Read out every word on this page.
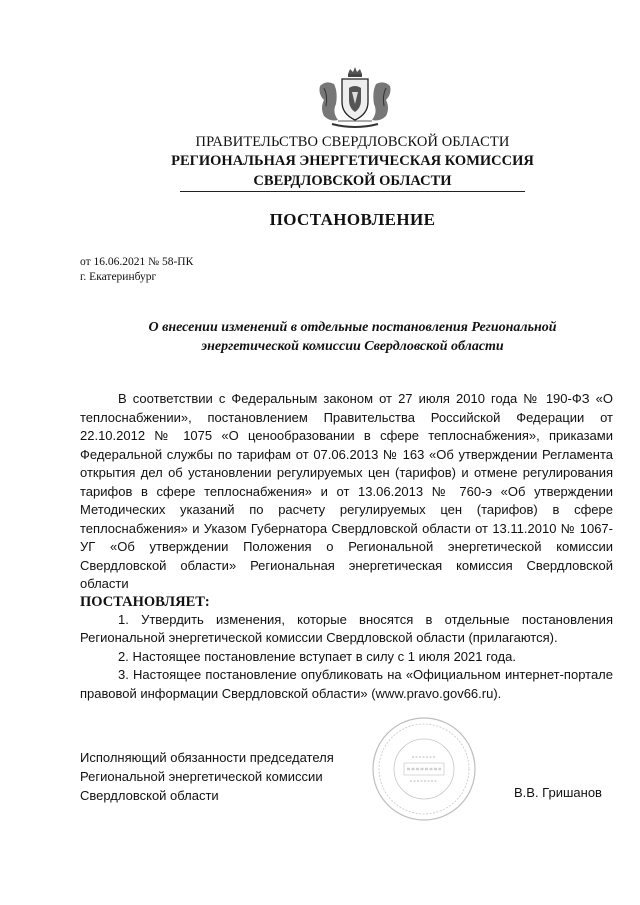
ПРАВИТЕЛЬСТВО СВЕРДЛОВСКОЙ ОБЛАСТИ
РЕГИОНАЛЬНАЯ ЭНЕРГЕТИЧЕСКАЯ КОМИССИЯ
СВЕРДЛОВСКОЙ ОБЛАСТИ
ПОСТАНОВЛЕНИЕ
от 16.06.2021 № 58-ПК
г. Екатеринбург
О внесении изменений в отдельные постановления Региональной энергетической комиссии Свердловской области

В соответствии с Федеральным законом от 27 июля 2010 года № 190-ФЗ «О теплоснабжении», постановлением Правительства Российской Федерации от 22.10.2012 № 1075 «О ценообразовании в сфере теплоснабжения», приказами Федеральной службы по тарифам от 07.06.2013 № 163 «Об утверждении Регламента открытия дел об установлении регулируемых цен (тарифов) и отмене регулирования тарифов в сфере теплоснабжения» и от 13.06.2013 № 760-э «Об утверждении Методических указаний по расчету регулируемых цен (тарифов) в сфере теплоснабжения» и Указом Губернатора Свердловской области от 13.11.2010 № 1067-УГ «Об утверждении Положения о Региональной энергетической комиссии Свердловской области» Региональная энергетическая комиссия Свердловской области

ПОСТАНОВЛЯЕТ:

1. Утвердить изменения, которые вносятся в отдельные постановления Региональной энергетической комиссии Свердловской области (прилагаются).

2. Настоящее постановление вступает в силу с 1 июля 2021 года.

3. Настоящее постановление опубликовать на «Официальном интернет-портале правовой информации Свердловской области» (www.pravo.gov66.ru).

Исполняющий обязанности председателя
Региональной энергетической комиссии
Свердловской области	В.В. Гришанов
